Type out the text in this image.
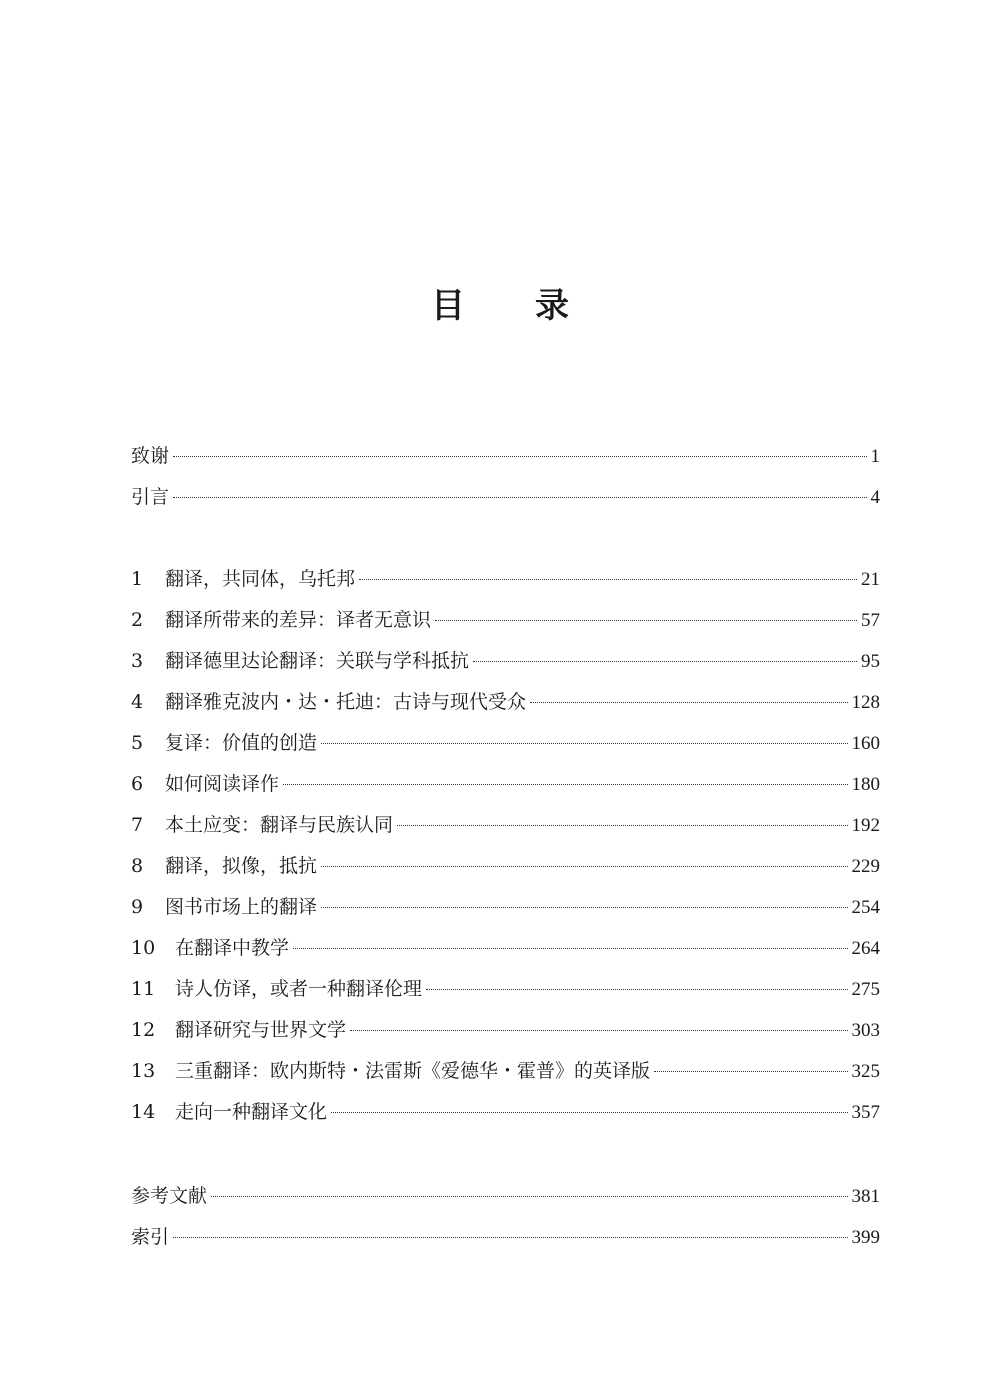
目 录
致谢	1
引言	4
1	翻译，共同体，乌托邦	21
2	翻译所带来的差异：译者无意识	57
3	翻译德里达论翻译：关联与学科抵抗	95
4	翻译雅克波内・达・托迪：古诗与现代受众	128
5	复译：价值的创造	160
6	如何阅读译作	180
7	本土应变：翻译与民族认同	192
8	翻译，拟像，抵抗	229
9	图书市场上的翻译	254
10	在翻译中教学	264
11	诗人仿译，或者一种翻译伦理	275
12	翻译研究与世界文学	303
13	三重翻译：欧内斯特・法雷斯《爱德华・霍普》的英译版	325
14	走向一种翻译文化	357
参考文献	381
索引	399
